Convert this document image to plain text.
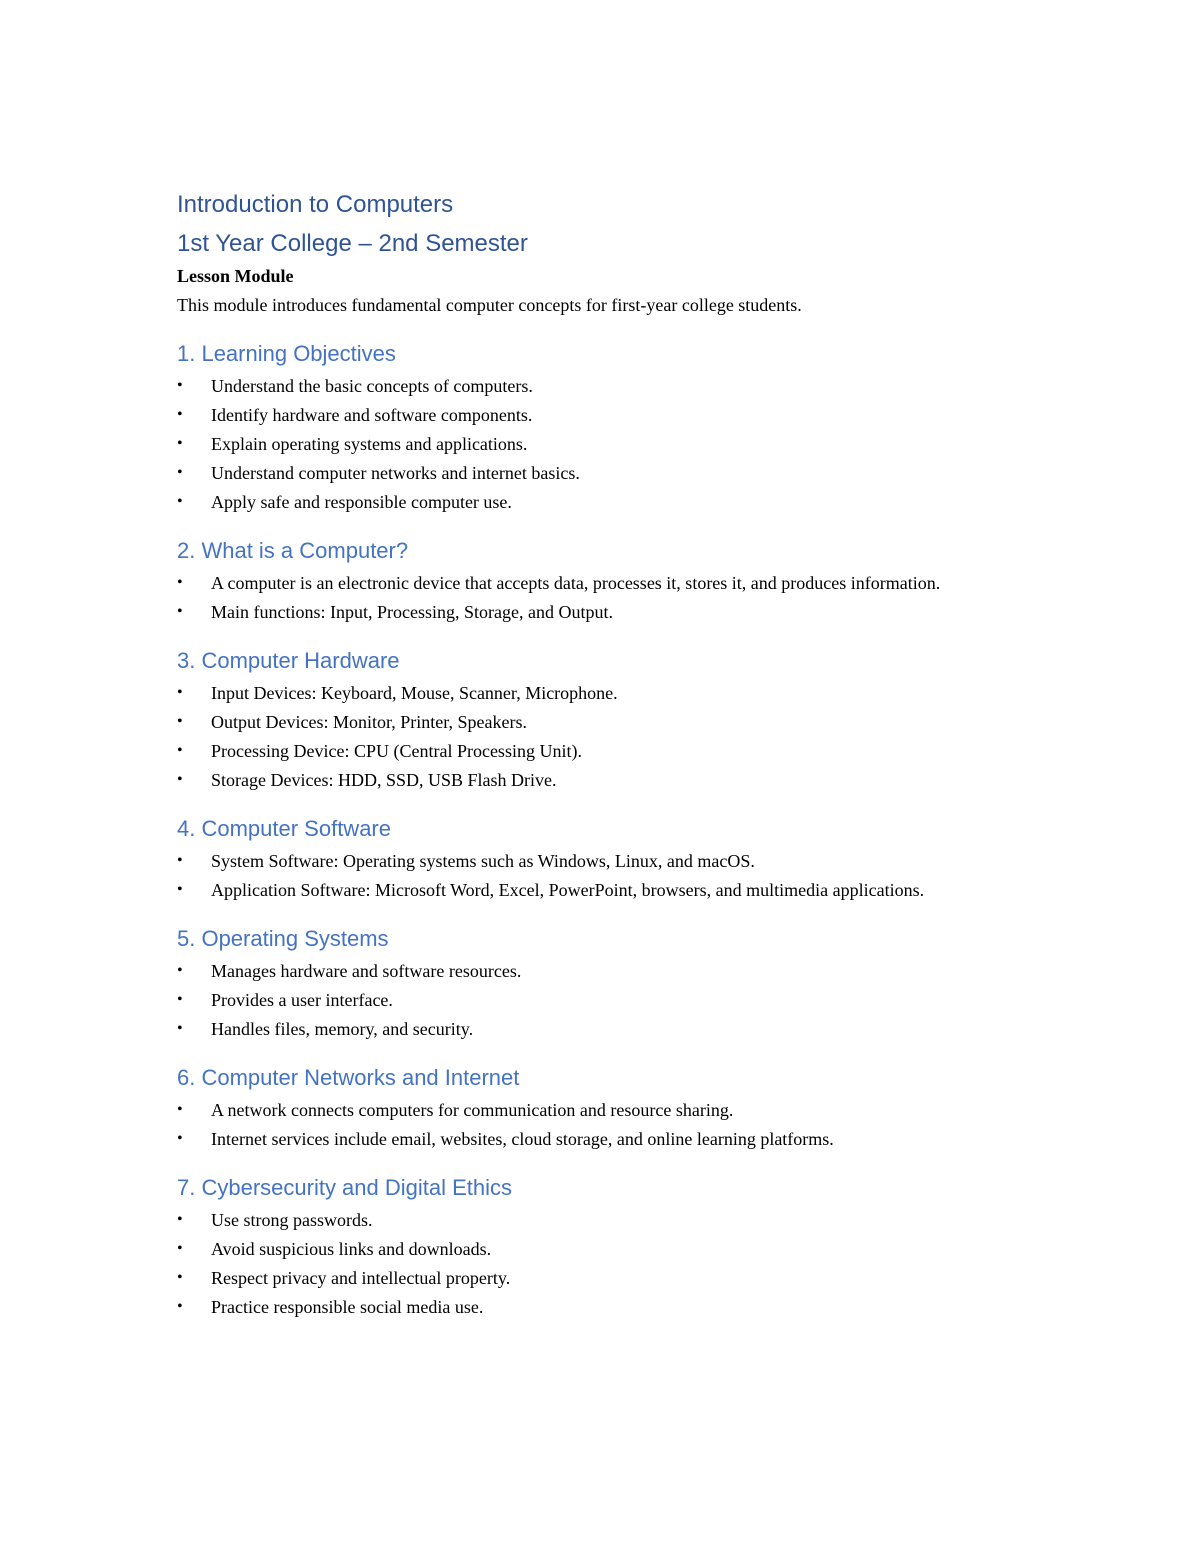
Introduction to Computers
1st Year College – 2nd Semester
Lesson Module
This module introduces fundamental computer concepts for first-year college students.
1. Learning Objectives
• Understand the basic concepts of computers.
• Identify hardware and software components.
• Explain operating systems and applications.
• Understand computer networks and internet basics.
• Apply safe and responsible computer use.
2. What is a Computer?
• A computer is an electronic device that accepts data, processes it, stores it, and produces information.
• Main functions: Input, Processing, Storage, and Output.
3. Computer Hardware
• Input Devices: Keyboard, Mouse, Scanner, Microphone.
• Output Devices: Monitor, Printer, Speakers.
• Processing Device: CPU (Central Processing Unit).
• Storage Devices: HDD, SSD, USB Flash Drive.
4. Computer Software
• System Software: Operating systems such as Windows, Linux, and macOS.
• Application Software: Microsoft Word, Excel, PowerPoint, browsers, and multimedia applications.
5. Operating Systems
• Manages hardware and software resources.
• Provides a user interface.
• Handles files, memory, and security.
6. Computer Networks and Internet
• A network connects computers for communication and resource sharing.
• Internet services include email, websites, cloud storage, and online learning platforms.
7. Cybersecurity and Digital Ethics
• Use strong passwords.
• Avoid suspicious links and downloads.
• Respect privacy and intellectual property.
• Practice responsible social media use.
